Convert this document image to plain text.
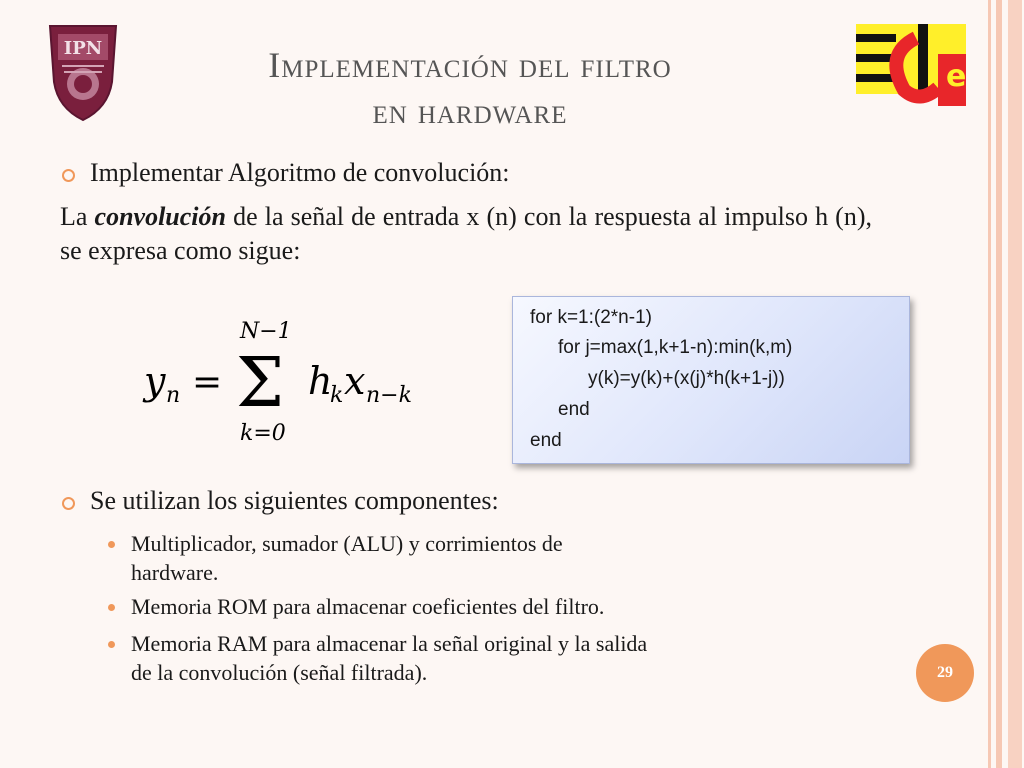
IPN
e
Implementación del filtro
en hardware
Implementar Algoritmo de convolución:
La convolución de la señal de entrada x (n) con la respuesta al impulso h (n), se expresa como sigue:
y n =
N−1
Σ
k=0
h
k x n−k
for k=1:(2*n-1)
for j=max(1,k+1-n):min(k,m)
y(k)=y(k)+(x(j)*h(k+1-j))
end
end
Se utilizan los siguientes componentes:
Multiplicador, sumador (ALU) y corrimientos de
hardware.
Memoria ROM para almacenar coeficientes del filtro.
Memoria RAM para almacenar la señal original y la salida
de la convolución (señal filtrada).	29
